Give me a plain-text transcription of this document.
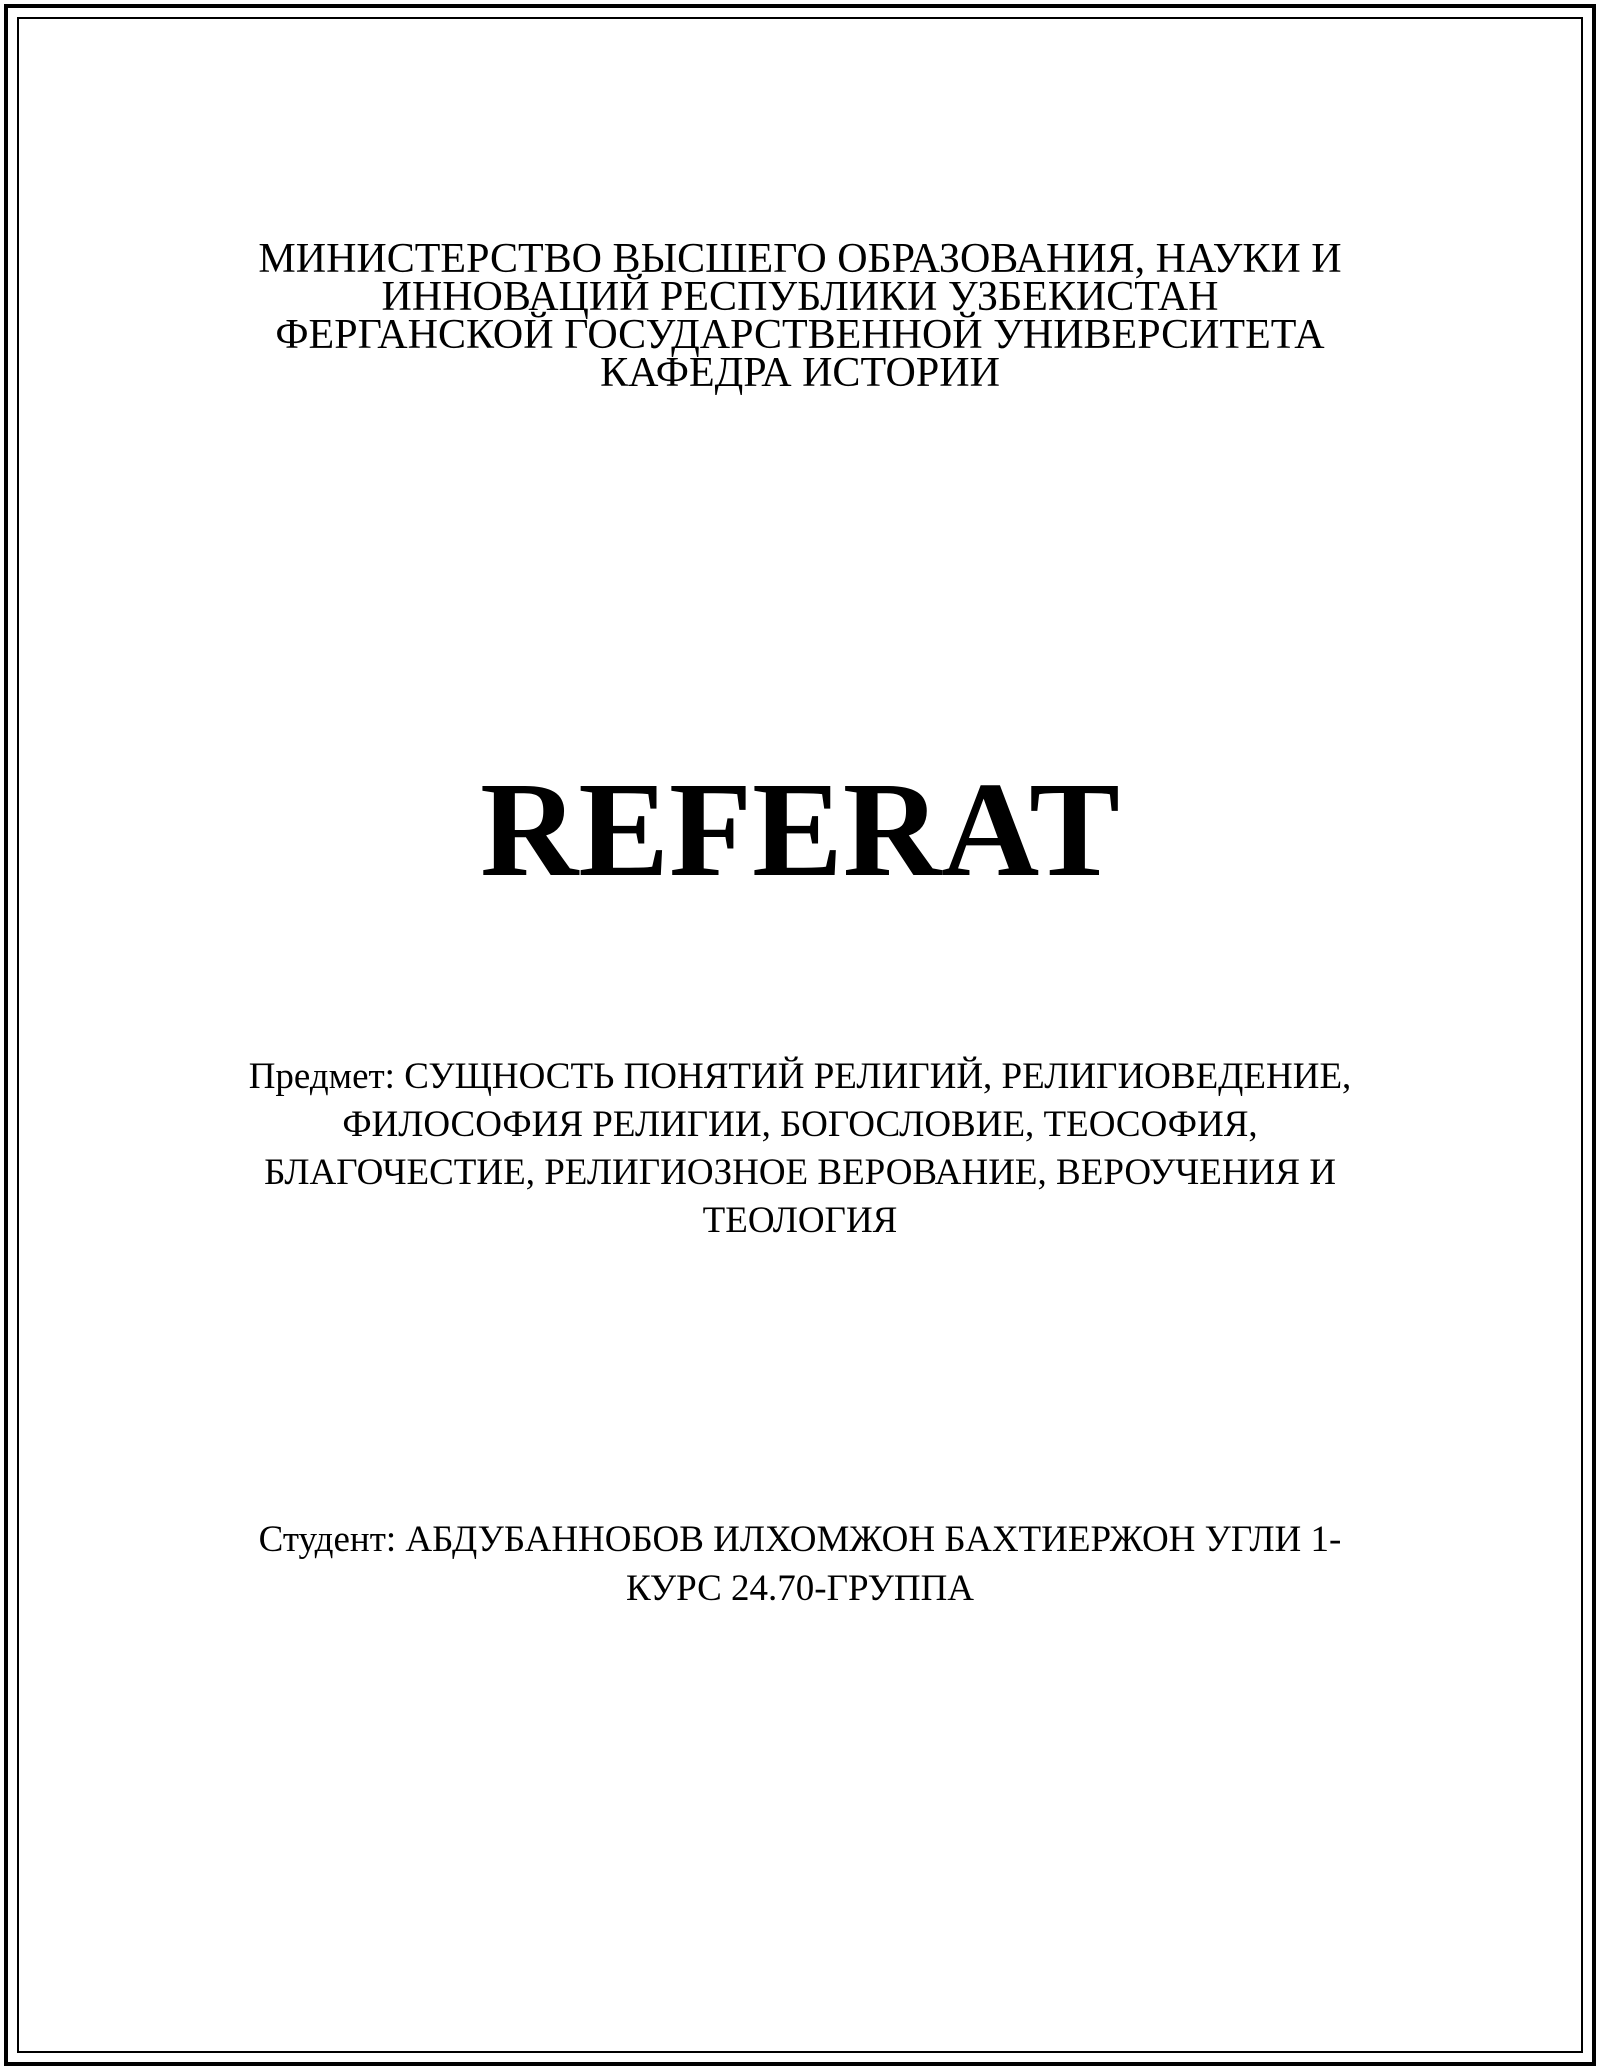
МИНИСТЕРСТВО ВЫСШЕГО ОБРАЗОВАНИЯ, НАУКИ И
ИННОВАЦИЙ РЕСПУБЛИКИ УЗБЕКИСТАН
ФЕРГАНСКОЙ ГОСУДАРСТВЕННОЙ УНИВЕРСИТЕТА
КАФЕДРА ИСТОРИИ
REFERAT
Предмет: СУЩНОСТЬ ПОНЯТИЙ РЕЛИГИЙ, РЕЛИГИОВЕДЕНИЕ,
ФИЛОСОФИЯ РЕЛИГИИ, БОГОСЛОВИЕ, ТЕОСОФИЯ,
БЛАГОЧЕСТИЕ, РЕЛИГИОЗНОЕ ВЕРОВАНИЕ, ВЕРОУЧЕНИЯ И
ТЕОЛОГИЯ
Студент: АБДУБАННОБОВ ИЛХОМЖОН БАХТИЕРЖОН УГЛИ 1-
КУРС 24.70-ГРУППА
